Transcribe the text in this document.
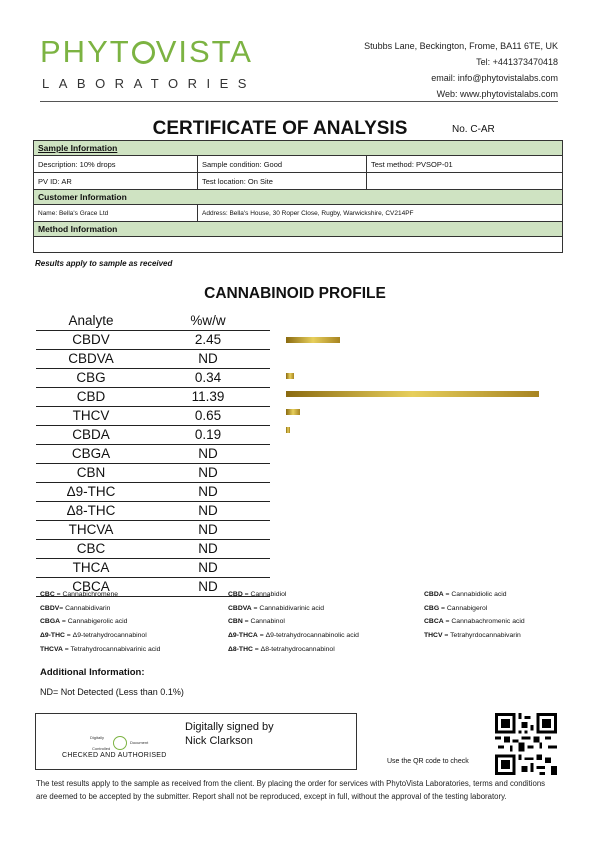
PHYT VISTA
LABORATORIES
Stubbs Lane, Beckington, Frome, BA11 6TE, UK
Tel: +441373470418
email: info@phytovistalabs.com
Web: www.phytovistalabs.com
CERTIFICATE OF ANALYSIS	No. C-AR
Sample Information		
Description: 10% drops	Sample condition: Good	Test method: PVSOP-01
PV ID: AR	Test location: On Site	
Customer Information		
Name: Bella's Grace Ltd	Address: Bella's House, 30 Roper Close, Rugby, Warwickshire, CV214PF	
Method Information		

Results apply to sample as received
CANNABINOID PROFILE
Analyte	%w/w
CBDV	2.45
CBDVA	ND
CBG	0.34
CBD	11.39
THCV	0.65
CBDA	0.19
CBGA	ND
CBN	ND
Δ9-THC	ND
Δ8-THC	ND
THCVA	ND
CBC	ND
THCA	ND
CBCA	ND
CBC = Cannabichromene
CBDV= Cannabidivarin
CBGA = Cannabigerolic acid
Δ9-THC = Δ9-tetrahydrocannabinol
THCVA = Tetrahydrocannabivarinic acid
CBD = Cannabidiol
CBDVA = Cannabidivarinic acid
CBN = Cannabinol
Δ9-THCA = Δ9-tetrahydrocannabinolic acid
Δ8-THC = Δ8-tetrahydrocannabinol
CBDA = Cannabidiolic acid
CBG = Cannabigerol
CBCA = Cannabachromenic acid
THCV = Tetrahyrdocannabivarin
Additional Information:
ND= Not Detected (Less than 0.1%)
Digitally
Document
Controlled
CHECKED AND AUTHORISED
Digitally signed by
Nick Clarkson
Use the QR code to check
The test results apply to the sample as received from the client. By placing the order for services with PhytoVista Laboratories, terms and conditions are deemed to be accepted by the submitter. Report shall not be reproduced, except in full, without the approval of the testing laboratory.
